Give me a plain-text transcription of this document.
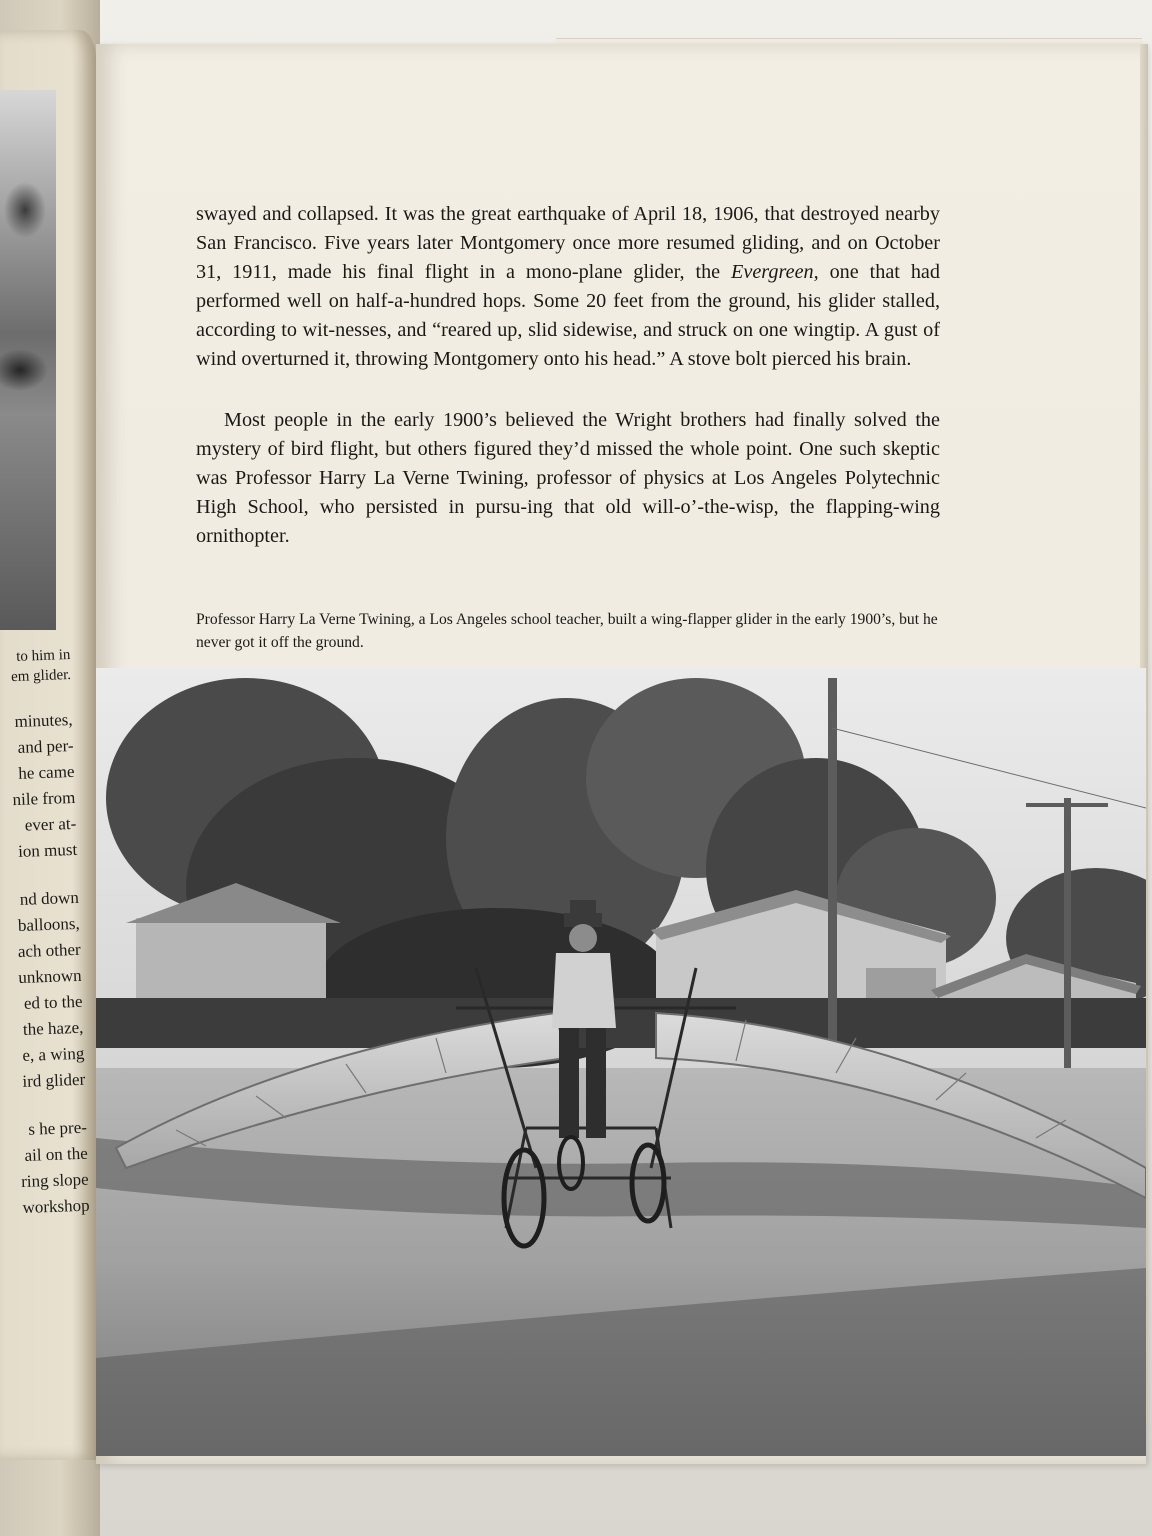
to him in

em glider.

minutes,

and per-

he came

nile from

ever at-

ion must

nd down

balloons,

ach other

unknown

ed to the

the haze,

e, a wing

ird glider

s he pre-

ail on the

ring slope

workshop

swayed and collapsed. It was the great earthquake of April 18, 1906, that destroyed nearby San Francisco. Five years later Montgomery once more resumed gliding, and on October 31, 1911, made his final flight in a mono-plane glider, the Evergreen, one that had performed well on half-a-hundred hops. Some 20 feet from the ground, his glider stalled, according to wit-nesses, and “reared up, slid sidewise, and struck on one wingtip. A gust of wind overturned it, throwing Montgomery onto his head.” A stove bolt pierced his brain.

Most people in the early 1900’s believed the Wright brothers had finally solved the mystery of bird flight, but others figured they’d missed the whole point. One such skeptic was Professor Harry La Verne Twining, professor of physics at Los Angeles Polytechnic High School, who persisted in pursu-ing that old will-o’-the-wisp, the flapping-wing ornithopter.

Professor Harry La Verne Twining, a Los Angeles school teacher, built a wing-flapper glider in the early 1900’s, but he never got it off the ground.
